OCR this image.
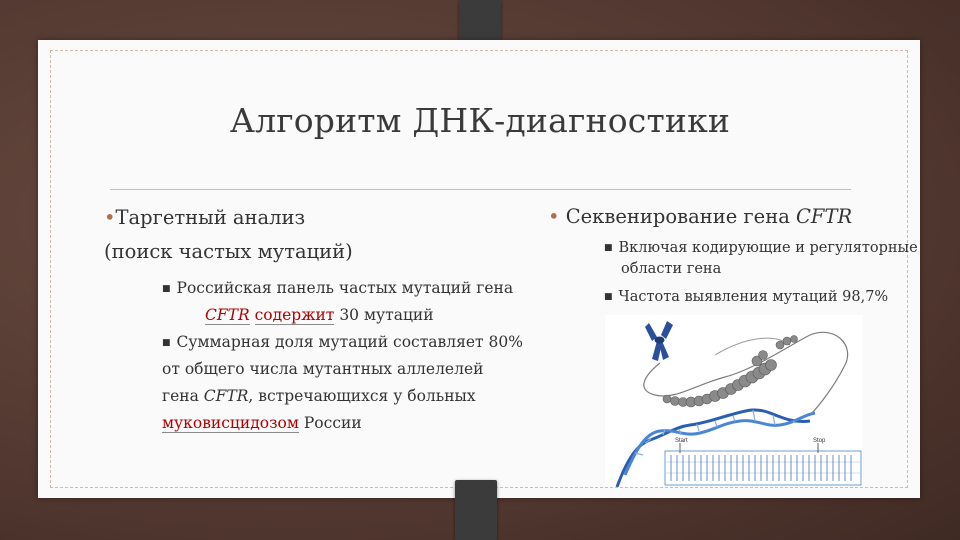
Алгоритм ДНК-диагностики
•Таргетный анализ
(поиск частых мутаций)
■ Российская панель частых мутаций гена
CFTR содержит 30 мутаций
■ Суммарная доля мутаций составляет 80%
от общего числа мутантных аллелелей
гена CFTR, встречающихся у больных
муковисцидозом России
• Секвенирование гена CFTR
■ Включая кодирующие и регуляторные
области гена
■ Частота выявления мутаций 98,7%
Start	Stop
